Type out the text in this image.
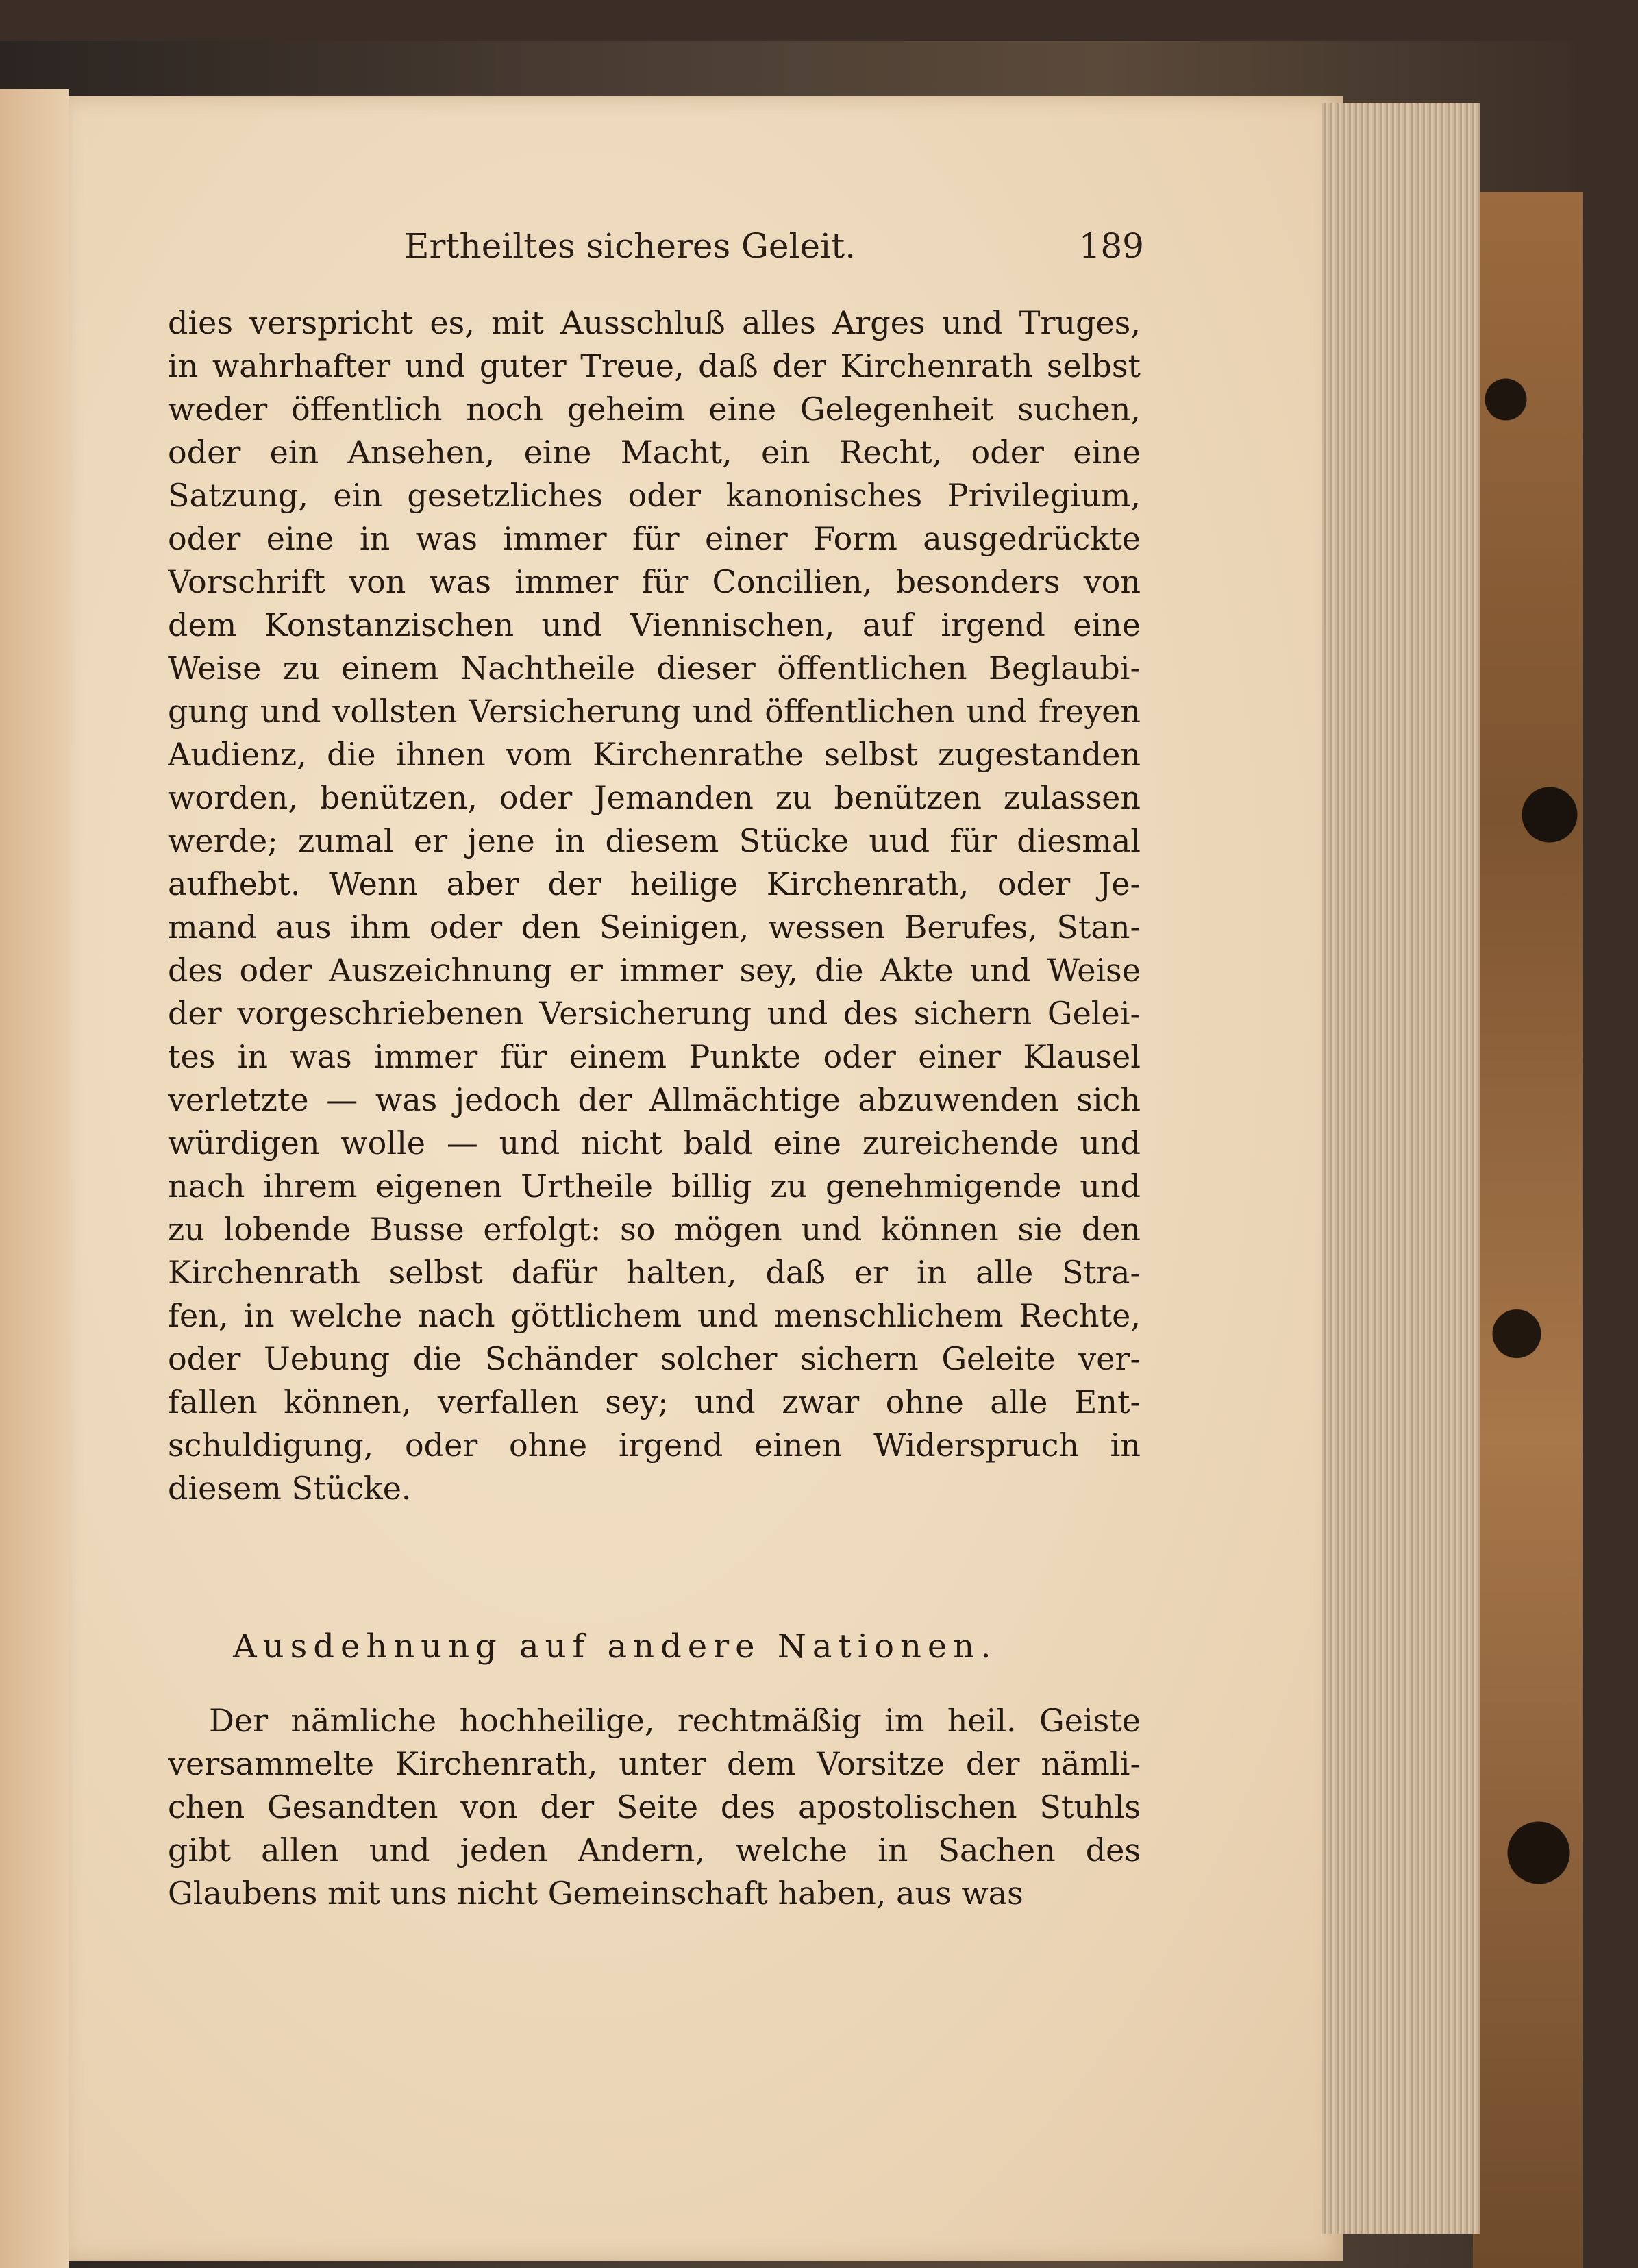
Ertheiltes sicheres Geleit.	189
dies verspricht es, mit Ausschluß alles Arges und Truges,
in wahrhafter und guter Treue, daß der Kirchenrath selbst
weder öffentlich noch geheim eine Gelegenheit suchen,
oder ein Ansehen, eine Macht, ein Recht, oder eine
Satzung, ein gesetzliches oder kanonisches Privilegium,
oder eine in was immer für einer Form ausgedrückte
Vorschrift von was immer für Concilien, besonders von
dem Konstanzischen und Viennischen, auf irgend eine
Weise zu einem Nachtheile dieser öffentlichen Beglaubi-
gung und vollsten Versicherung und öffentlichen und freyen
Audienz, die ihnen vom Kirchenrathe selbst zugestanden
worden, benützen, oder Jemanden zu benützen zulassen
werde; zumal er jene in diesem Stücke uud für diesmal
aufhebt. Wenn aber der heilige Kirchenrath, oder Je-
mand aus ihm oder den Seinigen, wessen Berufes, Stan-
des oder Auszeichnung er immer sey, die Akte und Weise
der vorgeschriebenen Versicherung und des sichern Gelei-
tes in was immer für einem Punkte oder einer Klausel
verletzte — was jedoch der Allmächtige abzuwenden sich
würdigen wolle — und nicht bald eine zureichende und
nach ihrem eigenen Urtheile billig zu genehmigende und
zu lobende Busse erfolgt: so mögen und können sie den
Kirchenrath selbst dafür halten, daß er in alle Stra-
fen, in welche nach göttlichem und menschlichem Rechte,
oder Uebung die Schänder solcher sichern Geleite ver-
fallen können, verfallen sey; und zwar ohne alle Ent-
schuldigung, oder ohne irgend einen Widerspruch in
diesem Stücke.
Ausdehnung auf andere Nationen.
Der nämliche hochheilige, rechtmäßig im heil. Geiste
versammelte Kirchenrath, unter dem Vorsitze der nämli-
chen Gesandten von der Seite des apostolischen Stuhls
gibt allen und jeden Andern, welche in Sachen des
Glaubens mit uns nicht Gemeinschaft haben, aus was
